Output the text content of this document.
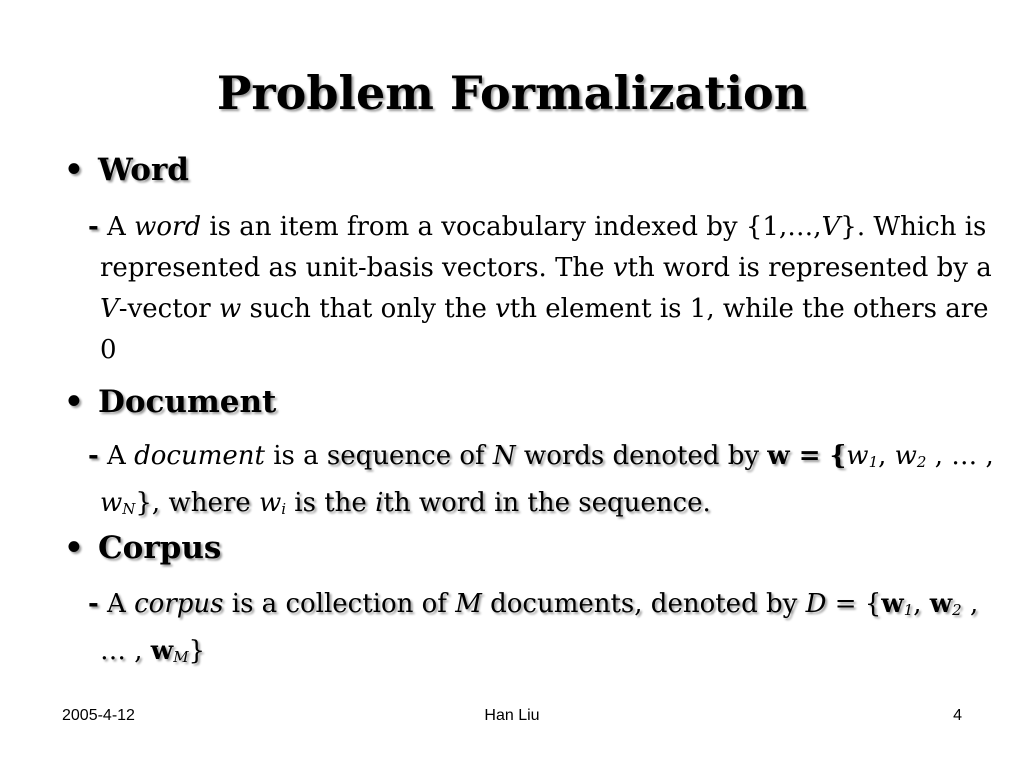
Problem Formalization
• Word

- A word is an item from a vocabulary indexed by {1,…,V}. Which is represented as unit-basis vectors. The vth word is represented by a V-vector w such that only the vth element is 1, while the others are 0

• Document

- A document is a sequence of N words denoted by $w = \{w_1$, $w_2$ , … , $w_N$}, where $w_i$ is the ith word in the sequence.

• Corpus

- A corpus is a collection of M documents, denoted by $D = \{w_1$, $w_2$ , … , $w_M$}

2005-4-12	Han Liu	4
